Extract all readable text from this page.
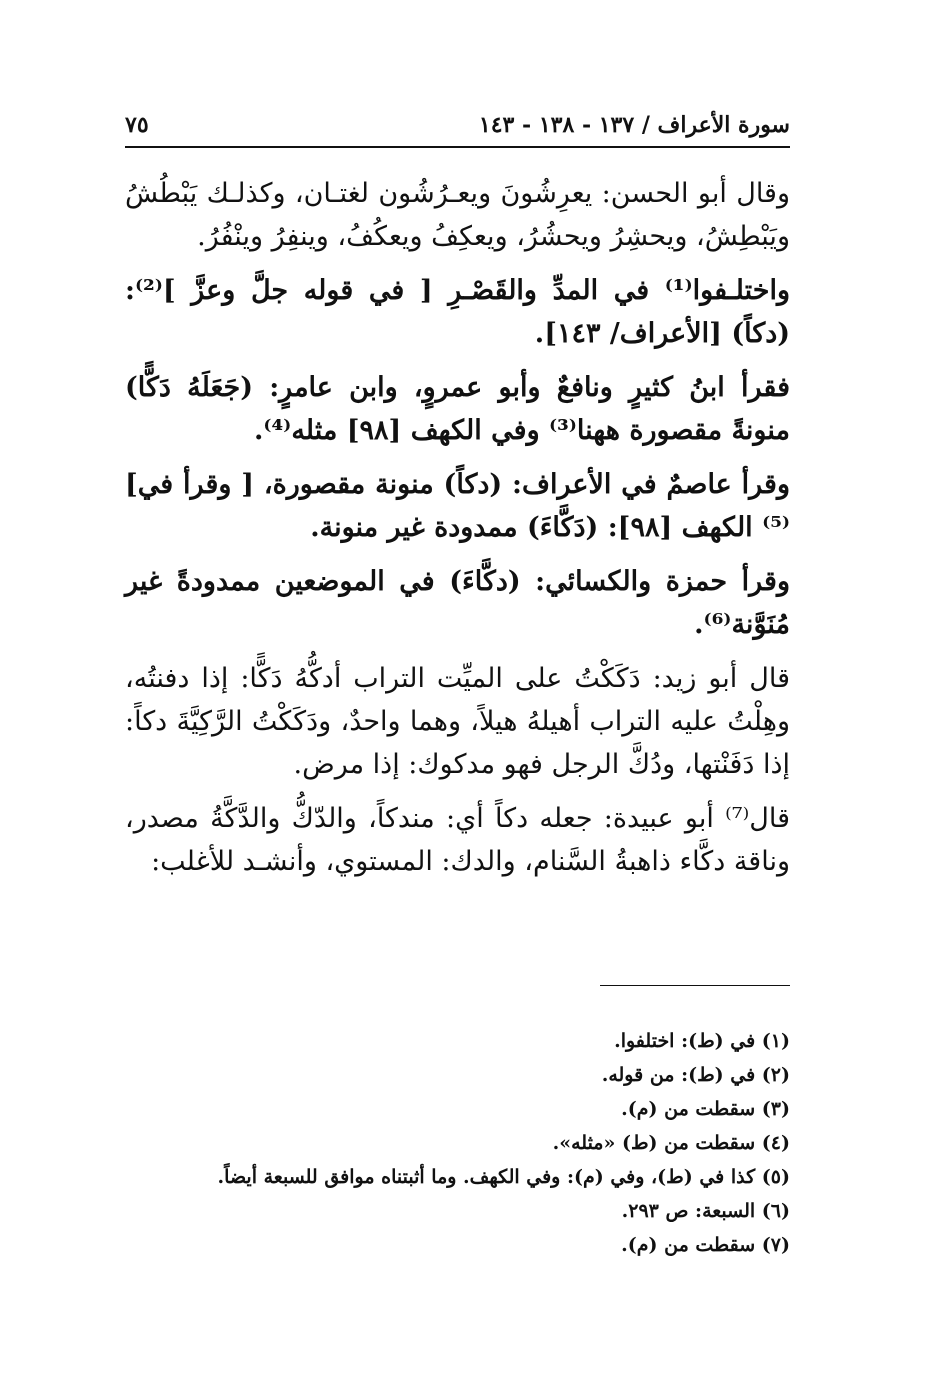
سورة الأعراف / ١٣٧ - ١٣٨ - ١٤٣
٧٥

وقال أبو الحسن: يعرِشُونَ ويعـرُشُون لغتـان، وكذلـك يَبْطُشُ ويَبْطِشُ، ويحشِرُ ويحشُرُ، ويعكِفُ ويعكُفُ، وينفِرُ وينْفُرُ.

واختلـفوا⁽¹⁾ في المدِّ والقَصْـرِ [ في قوله جلَّ وعزَّ ]⁽²⁾: (دكاً) [الأعراف/ ١٤٣].

فقرأ ابنُ كثيرٍ ونافعٌ وأبو عمروٍ، وابن عامرٍ: (جَعَلَهُ دَكًّا) منونةً مقصورة ههنا⁽³⁾ وفي الكهف [٩٨] مثله⁽⁴⁾.

وقرأ عاصمٌ في الأعراف: (دكاً) منونة مقصورة، [ وقرأ في]⁽⁵⁾ الكهف [٩٨]: (دَكَّاءَ) ممدودة غير منونة.

وقرأ حمزة والكسائي: (دكَّاءَ) في الموضعين ممدودةً غير مُنَوَّنة⁽⁶⁾.

قال أبو زيد: دَكَكْتُ على الميِّت التراب أدكُّهُ دَكًّا: إذا دفنتُه، وهِلْتُ عليه التراب أهيلهُ هيلاً، وهما واحدٌ، ودَكَكْتُ الرَّكِيَّةَ دكاً: إذا دَفَنْتها، ودُكَّ الرجل فهو مدكوك: إذا مرض.

قال⁽⁷⁾ أبو عبيدة: جعله دكاً أي: مندكاً، والدّكُّ والدَّكَّةُ مصدر، وناقة دكَّاء ذاهبةُ السَّنام، والدك: المستوي، وأنشـد للأغلب:

(١) في (ط): اختلفوا.
(٢) في (ط): من قوله.
(٣) سقطت من (م).
(٤) سقطت من (ط) «مثله».
(٥) كذا في (ط)، وفي (م): وفي الكهف. وما أثبتناه موافق للسبعة أيضاً.
(٦) السبعة: ص ٢٩٣.
(٧) سقطت من (م).
